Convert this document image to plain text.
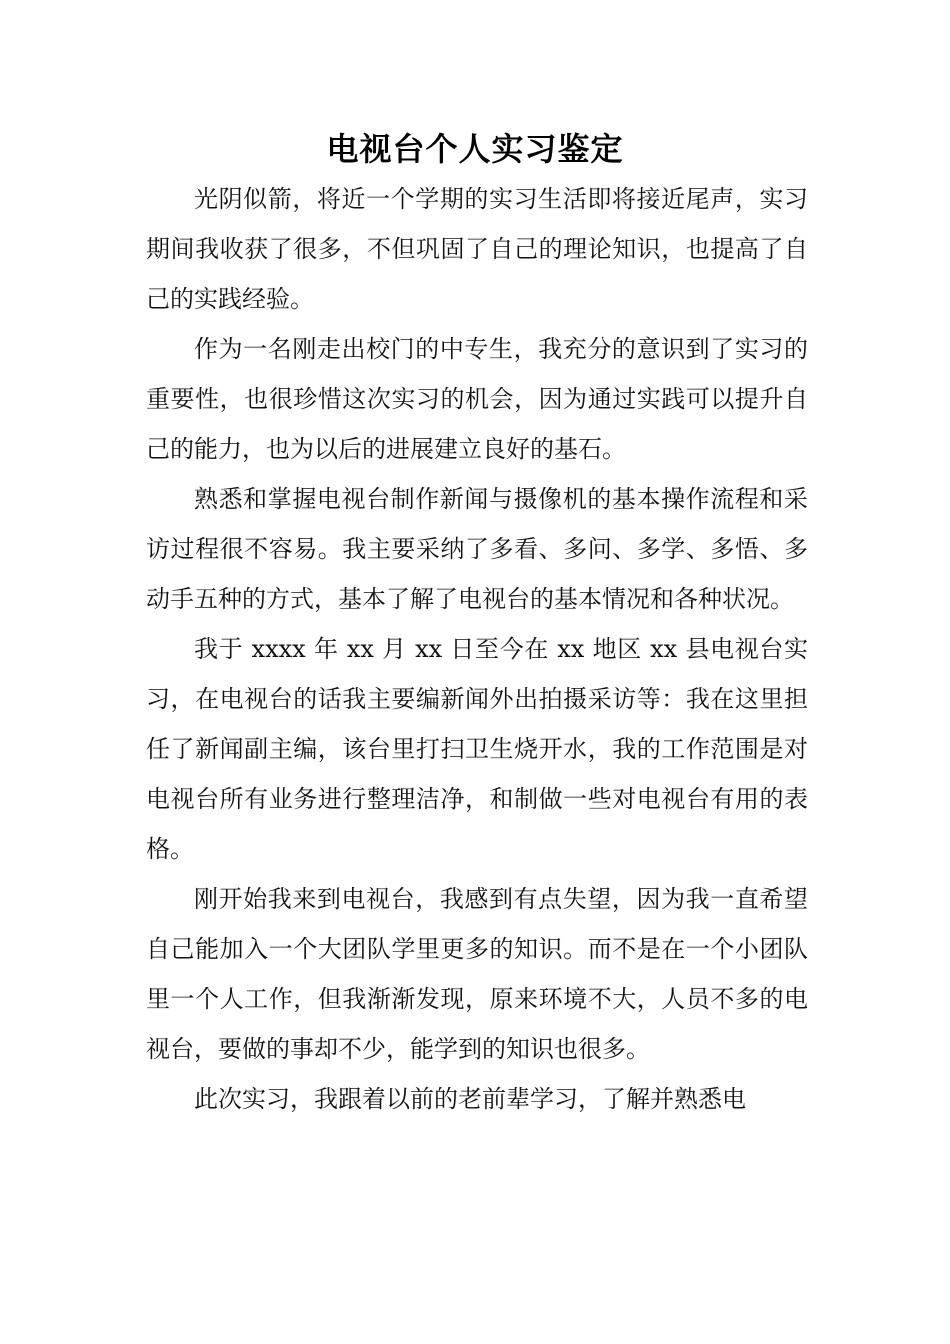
电视台个人实习鉴定

光阴似箭，将近一个学期的实习生活即将接近尾声，实习期间我收获了很多，不但巩固了自己的理论知识，也提高了自己的实践经验。

作为一名刚走出校门的中专生，我充分的意识到了实习的重要性，也很珍惜这次实习的机会，因为通过实践可以提升自己的能力，也为以后的进展建立良好的基石。

熟悉和掌握电视台制作新闻与摄像机的基本操作流程和采访过程很不容易。我主要采纳了多看、多问、多学、多悟、多动手五种的方式，基本了解了电视台的基本情况和各种状况。

我于 xxxx 年 xx 月 xx 日至今在 xx 地区 xx 县电视台实习，在电视台的话我主要编新闻外出拍摄采访等：我在这里担任了新闻副主编，该台里打扫卫生烧开水，我的工作范围是对电视台所有业务进行整理洁净，和制做一些对电视台有用的表格。

刚开始我来到电视台，我感到有点失望，因为我一直希望自己能加入一个大团队学里更多的知识。而不是在一个小团队里一个人工作，但我渐渐发现，原来环境不大，人员不多的电视台，要做的事却不少，能学到的知识也很多。

此次实习，我跟着以前的老前辈学习，了解并熟悉电
